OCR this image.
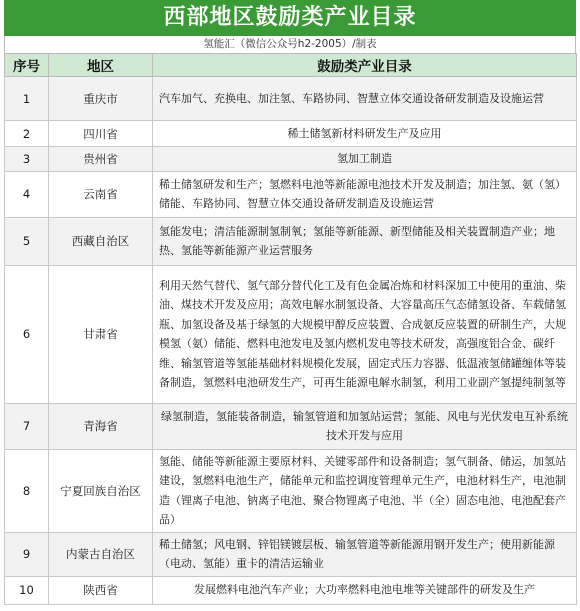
西部地区鼓励类产业目录
氢能汇（微信公众号h2-2005）/制表
序号	地区	鼓励类产业目录
1	重庆市	汽车加气、充换电、加注氢、车路协同、智慧立体交通设备研发制造及设施运营
2	四川省	稀土储氢新材料研发生产及应用
3	贵州省	氢加工制造
4	云南省	稀土储氢研发和生产；氢燃料电池等新能源电池技术开发及制造；加注氢、氨（氢）储能、车路协同、智慧立体交通设备研发制造及设施运营
5	西藏自治区	氢能发电；清洁能源制氢制氧；氢能等新能源、新型储能及相关装置制造产业；地热、氢能等新能源产业运营服务
6	甘肃省	利用天然气替代、氢气部分替代化工及有色金属冶炼和材料深加工中使用的重油、柴油、煤技术开发及应用；高效电解水制氢设备、大容量高压气态储氢设备、车载储氢瓶、加氢设备及基于绿氢的大规模甲醇反应装置、合成氨反应装置的研制生产，大规模氢（氨）储能、燃料电池发电及氢内燃机发电等技术研发，高强度铝合金、碳纤维、输氢管道等氢能基础材料规模化发展，固定式压力容器、低温液氢储罐缠体等装备制造，氢燃料电池研发生产，可再生能源电解水制氢，利用工业副产氢提纯制氢等
7	青海省	绿氢制造，氢能装备制造，输氢管道和加氢站运营；氢能、风电与光伏发电互补系统技术开发与应用
8	宁夏回族自治区	氢能、储能等新能源主要原材料、关键零部件和设备制造；氢气制备、储运，加氢站建设，氢燃料电池生产，储能单元和监控调度管理单元生产，电池材料生产，电池制造（锂离子电池、钠离子电池、聚合物锂离子电池、半（全）固态电池、电池配套产品）
9	内蒙古自治区	稀土储氢；风电钢、锌铝镁镀层板、输氢管道等新能源用钢开发生产；使用新能源（电动、氢能）重卡的清洁运输业
10	陕西省	发展燃料电池汽车产业；大功率燃料电池电堆等关键部件的研发及生产
